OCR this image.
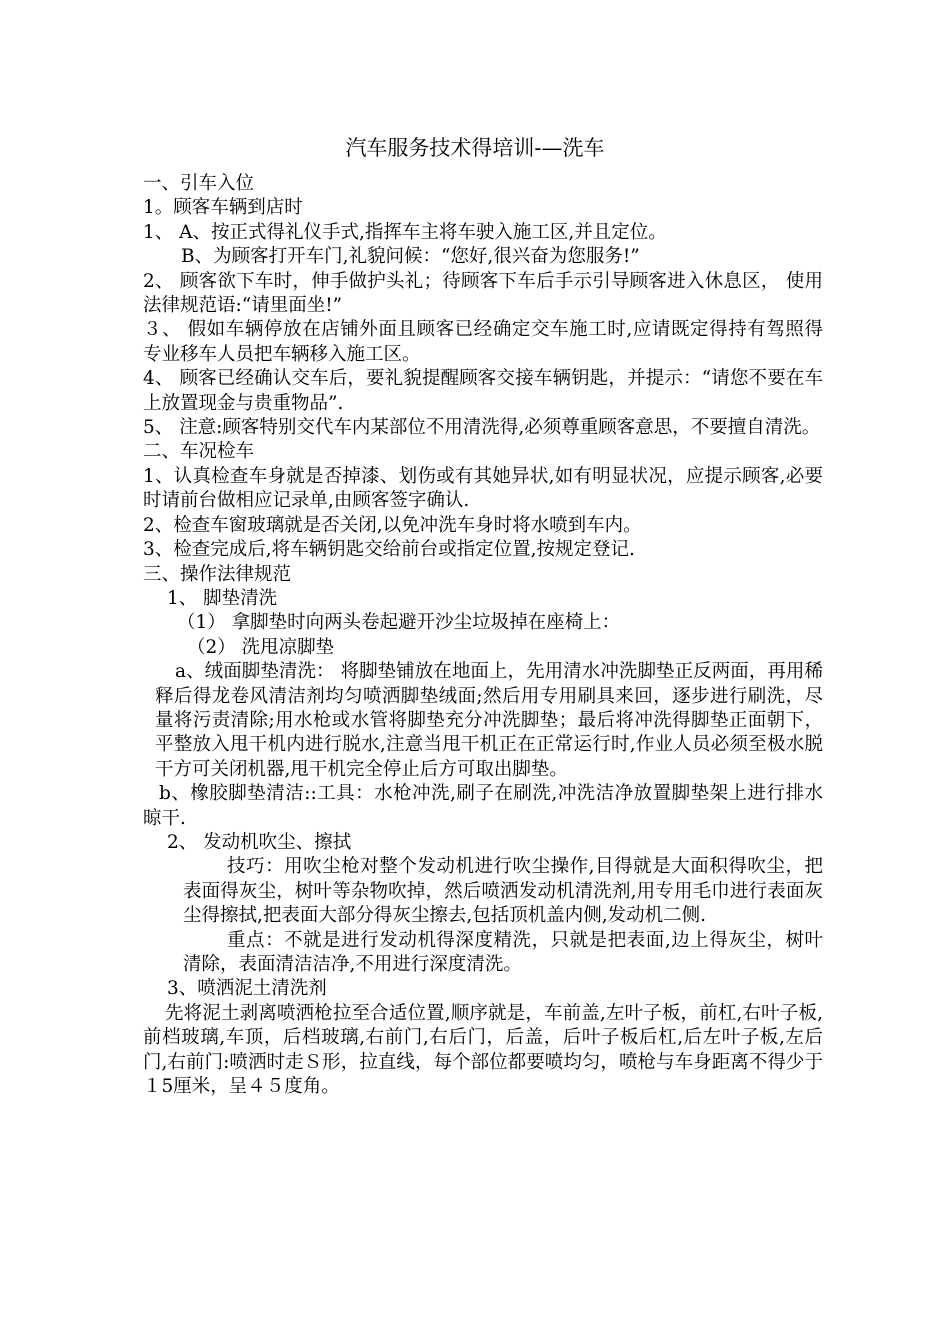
汽车服务技术得培训-—洗车

一、引车入位

1。顾客车辆到店时

1、 A、按正式得礼仪手式,指挥车主将车驶入施工区,并且定位。

B、为顾客打开车门,礼貌问候：“您好,很兴奋为您服务!”

2、 顾客欲下车时，伸手做护头礼；待顾客下车后手示引导顾客进入休息区， 使用法律规范语:“请里面坐!”

３、 假如车辆停放在店铺外面且顾客已经确定交车施工时,应请既定得持有驾照得 专业移车人员把车辆移入施工区。

4、 顾客已经确认交车后，要礼貌提醒顾客交接车辆钥匙，并提示：“请您不要在车上放置现金与贵重物品”.

5、 注意:顾客特别交代车内某部位不用清洗得,必须尊重顾客意思，不要擅自清洗。

二、车况检车

1、认真检查车身就是否掉漆、划伤或有其她异状,如有明显状况，应提示顾客,必要时请前台做相应记录单,由顾客签字确认.

2、检查车窗玻璃就是否关闭,以免冲洗车身时将水喷到车内。

3、检查完成后,将车辆钥匙交给前台或指定位置,按规定登记.

三、操作法律规范

1、 脚垫清洗

（1） 拿脚垫时向两头卷起避开沙尘垃圾掉在座椅上：

（2） 洗甩凉脚垫

a、绒面脚垫清洗： 将脚垫铺放在地面上，先用清水冲洗脚垫正反两面，再用稀释后得龙卷风清洁剂均匀喷洒脚垫绒面;然后用专用刷具来回，逐步进行刷洗，尽量将污责清除;用水枪或水管将脚垫充分冲洗脚垫；最后将冲洗得脚垫正面朝下，平整放入甩干机内进行脱水,注意当甩干机正在正常运行时,作业人员必须至极水脱干方可关闭机器,甩干机完全停止后方可取出脚垫。

b、橡胶脚垫清洁::工具：水枪冲洗,刷子在刷洗,冲洗洁净放置脚垫架上进行排水晾干.

2、 发动机吹尘、擦拭

技巧：用吹尘枪对整个发动机进行吹尘操作,目得就是大面积得吹尘，把表面得灰尘，树叶等杂物吹掉，然后喷洒发动机清洗剂,用专用毛巾进行表面灰尘得擦拭,把表面大部分得灰尘擦去,包括顶机盖内侧,发动机二侧.

重点：不就是进行发动机得深度精洗，只就是把表面,边上得灰尘，树叶清除，表面清洁洁净,不用进行深度清洗。

3、喷洒泥土清洗剂

先将泥土剥离喷洒枪拉至合适位置,顺序就是，车前盖,左叶子板，前杠,右叶子板,前档玻璃,车顶，后档玻璃,右前门,右后门，后盖，后叶子板后杠,后左叶子板,左后门,右前门:喷洒时走Ｓ形，拉直线，每个部位都要喷均匀，喷枪与车身距离不得少于１5厘米，呈４５度角。
